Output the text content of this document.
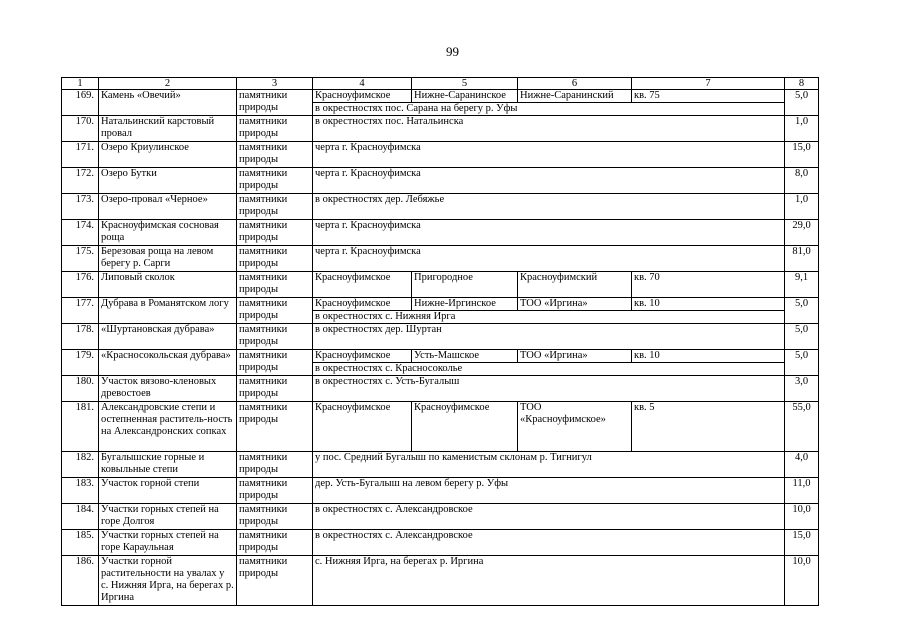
99
1	2	3	4	5	6	7	8
169.	Камень «Овечий»	памятники природы	Красноуфимское	Нижне-Саранинское	Нижне-Саранинский	кв. 75	5,0
			в окрестностях пос. Сарана на берегу р. Уфы				
170.	Натальинский карстовый провал	памятники природы	в окрестностях пос. Натальинска				1,0
171.	Озеро Криулинское	памятники природы	черта г. Красноуфимска				15,0
172.	Озеро Бутки	памятники природы	черта г. Красноуфимска				8,0
173.	Озеро-провал «Черное»	памятники природы	в окрестностях дер. Лебяжье				1,0
174.	Красноуфимская сосновая роща	памятники природы	черта г. Красноуфимска				29,0
175.	Березовая роща на левом берегу р. Сарги	памятники природы	черта г. Красноуфимска				81,0
176.	Липовый сколок	памятники природы	Красноуфимское	Пригородное	Красноуфимский	кв. 70	9,1
177.	Дубрава в Романятском логу	памятники природы	Красноуфимское	Нижне-Иргинское	ТОО «Иргина»	кв. 10	5,0
			в окрестностях с. Нижняя Ирга				
178.	«Шуртановская дубрава»	памятники природы	в окрестностях дер. Шуртан				5,0
179.	«Красносокольская дубрава»	памятники природы	Красноуфимское	Усть-Машское	ТОО «Иргина»	кв. 10	5,0
			в окрестностях с. Красносоколье				
180.	Участок вязово-кленовых древостоев	памятники природы	в окрестностях с. Усть-Бугалыш				3,0
181.	Александровские степи и остепненная раститель-ность на Александронских сопках	памятники природы	Красноуфимское	Красноуфимское	ТОО «Красноуфимское»	кв. 5	55,0
182.	Бугалышские горные и ковыльные степи	памятники природы	у пос. Средний Бугалыш по каменистым склонам р. Тигнигул				4,0
183.	Участок горной степи	памятники природы	дер. Усть-Бугалыш на левом берегу р. Уфы				11,0
184.	Участки горных степей на горе Долгоя	памятники природы	в окрестностях с. Александровское				10,0
185.	Участки горных степей на горе Караульная	памятники природы	в окрестностях с. Александровское				15,0
186.	Участки горной растительности на увалах у с. Нижняя Ирга, на берегах р. Иргина	памятники природы	с. Нижняя Ирга, на берегах р. Иргина				10,0
